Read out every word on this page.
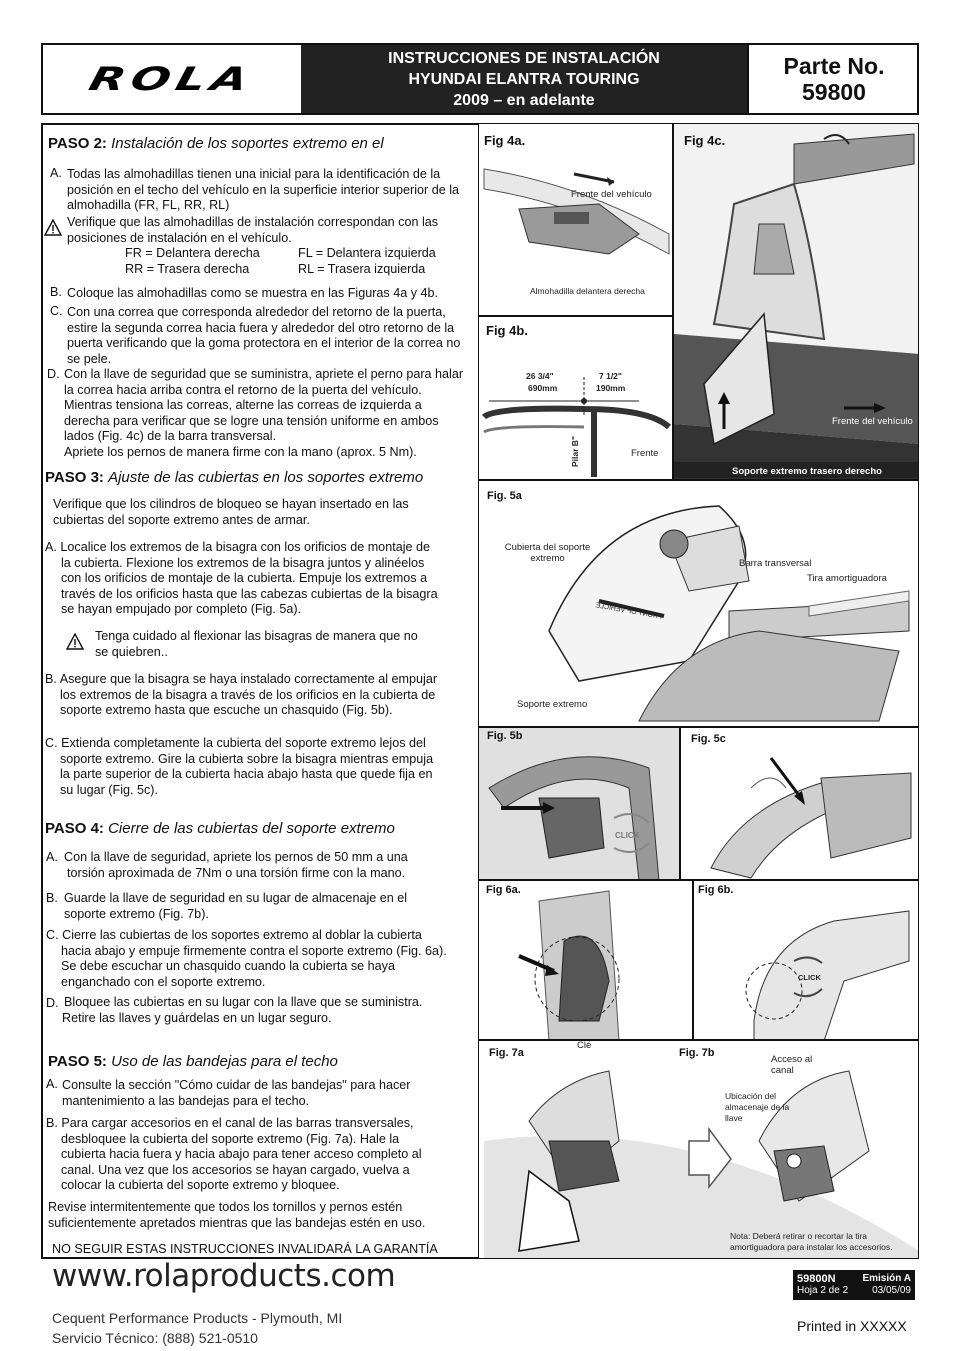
ROLA
INSTRUCCIONES DE INSTALACIÓN
HYUNDAI ELANTRA TOURING
2009 – en adelante
Parte No.
59800
PASO 2: Instalación de los soportes extremo en el
A. Todas las almohadillas tienen una inicial para la identificación de la
posición en el techo del vehículo en la superficie interior superior de la
almohadilla (FR, FL, RR, RL)
Verifique que las almohadillas de instalación correspondan con las
posiciones de instalación en el vehículo.
FR = Delantera derecha	FL = Delantera izquierda
RR = Trasera derecha	RL = Trasera izquierda
B. Coloque las almohadillas como se muestra en las Figuras 4a y 4b.
C. Con una correa que corresponda alrededor del retorno de la puerta,
estire la segunda correa hacia fuera y alrededor del otro retorno de la
puerta verificando que la goma protectora en el interior de la correa no
se pele.
D. Con la llave de seguridad que se suministra, apriete el perno para halar
la correa hacia arriba contra el retorno de la puerta del vehículo.
Mientras tensiona las correas, alterne las correas de izquierda a
derecha para verificar que se logre una tensión uniforme en ambos
lados (Fig. 4c) de la barra transversal.
Apriete los pernos de manera firme con la mano (aprox. 5 Nm).
PASO 3: Ajuste de las cubiertas en los soportes extremo
Verifique que los cilindros de bloqueo se hayan insertado en las
cubiertas del soporte extremo antes de armar.
A. Localice los extremos de la bisagra con los orificios de montaje de
la cubierta. Flexione los extremos de la bisagra juntos y alinéelos
con los orificios de montaje de la cubierta. Empuje los extremos a
través de los orificios hasta que las cabezas cubiertas de la bisagra
se hayan empujado por completo (Fig. 5a).
Tenga cuidado al flexionar las bisagras de manera que no
se quiebren..
B. Asegure que la bisagra se haya instalado correctamente al empujar
los extremos de la bisagra a través de los orificios en la cubierta de
soporte extremo hasta que escuche un chasquido (Fig. 5b).
C. Extienda completamente la cubierta del soporte extremo lejos del
soporte extremo. Gire la cubierta sobre la bisagra mientras empuja
la parte superior de la cubierta hacia abajo hasta que quede fija en
su lugar (Fig. 5c).
PASO 4: Cierre de las cubiertas del soporte extremo
A. Con la llave de seguridad, apriete los pernos de 50 mm a una
torsión aproximada de 7Nm o una torsión firme con la mano.
B. Guarde la llave de seguridad en su lugar de almacenaje en el
soporte extremo (Fig. 7b).
C. Cierre las cubiertas de los soportes extremo al doblar la cubierta
hacia abajo y empuje firmemente contra el soporte extremo (Fig. 6a).
Se debe escuchar un chasquido cuando la cubierta se haya
enganchado con el soporte extremo.
D. Bloquee las cubiertas en su lugar con la llave que se suministra.
Retire las llaves y guárdelas en un lugar seguro.
PASO 5: Uso de las bandejas para el techo
A. Consulte la sección "Cómo cuidar de las bandejas" para hacer
mantenimiento a las bandejas para el techo.
B. Para cargar accesorios en el canal de las barras transversales,
desbloquee la cubierta del soporte extremo (Fig. 7a). Hale la
cubierta hacia fuera y hacia abajo para tener acceso completo al
canal. Una vez que los accesorios se hayan cargado, vuelva a
colocar la cubierta del soporte extremo y bloquee.
Revise intermitentemente que todos los tornillos y pernos estén
suficientemente apretados mientras que las bandejas estén en uso.
NO SEGUIR ESTAS INSTRUCCIONES INVALIDARÁ LA GARANTÍA
Fig 4a.
Frente del vehículo
Almohadilla delantera derecha
Fig 4b.
26 3/4"
690mm
7 1/2"
190mm
Pilar B"	Frente
Fig 4c.
Frente del vehículo
Soporte extremo trasero derecho
Fig. 5a
Cubierta del soporte extremo	Barra transversal
Tira amortiguadora
Soporte extremo
FRONT OF VEHICLE
Fig. 5b
CLICK
Fig. 5c
Fig 6a.	Fig 6b.
CLICK
Fig. 7a
Clé
Fig. 7b
Acceso al canal
Ubicación del almacenaje de la llave
Nota: Deberá retirar o recortar la tira
amortiguadora para instalar los accesorios.
www.rolaproducts.com
Cequent Performance Products - Plymouth, MI
Servicio Técnico: (888) 521-0510
59800N	Emisión A
Hoja 2 de 2 03/05/09
Printed in XXXXX
